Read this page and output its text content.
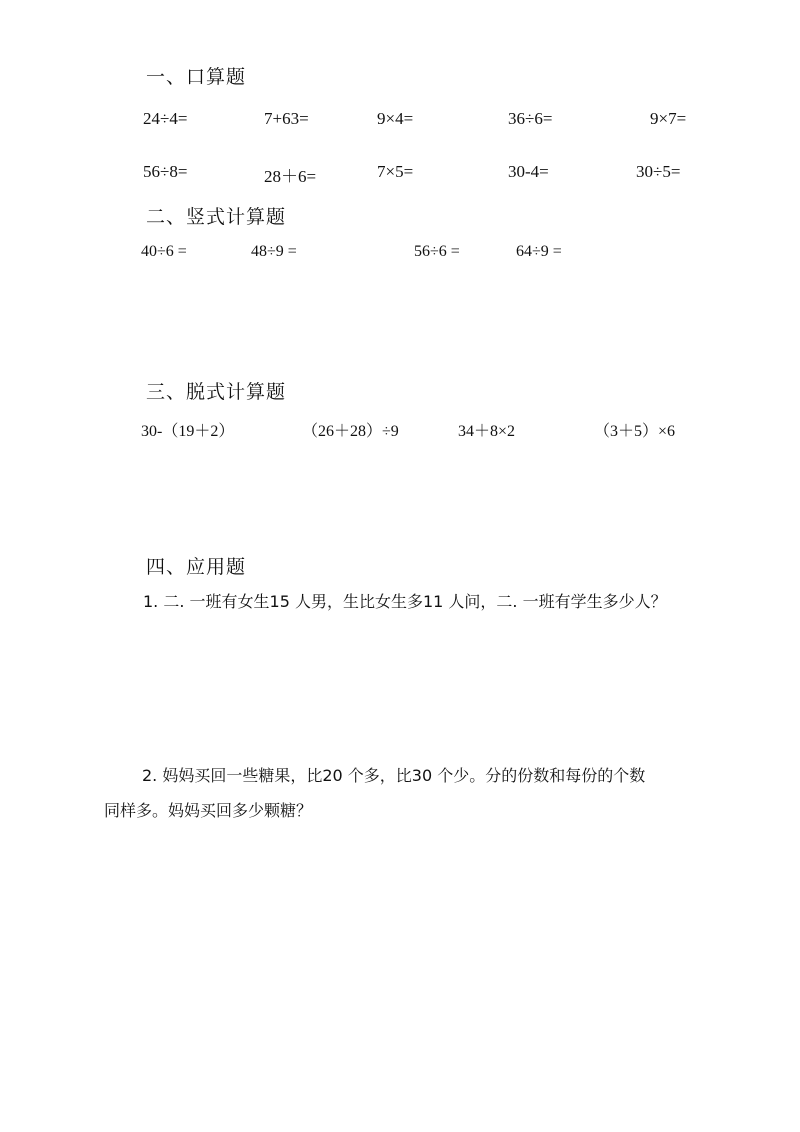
一、口算题
24÷4=	7+63=	9×4=	36÷6=	9×7=
56÷8=	28＋6=	7×5=	30-4=	30÷5=
二、竖式计算题
40÷6 =	48÷9 =	56÷6 =	64÷9 =
三、脱式计算题
30-（19＋2）	（26＋28）÷9	34＋8×2	（3＋5）×6
四、应用题
1. 二. 一班有女生15 人男，生比女生多11 人问，二. 一班有学生多少人？
2. 妈妈买回一些糖果，比20 个多，比30 个少。分的份数和每份的个数
同样多。妈妈买回多少颗糖？
